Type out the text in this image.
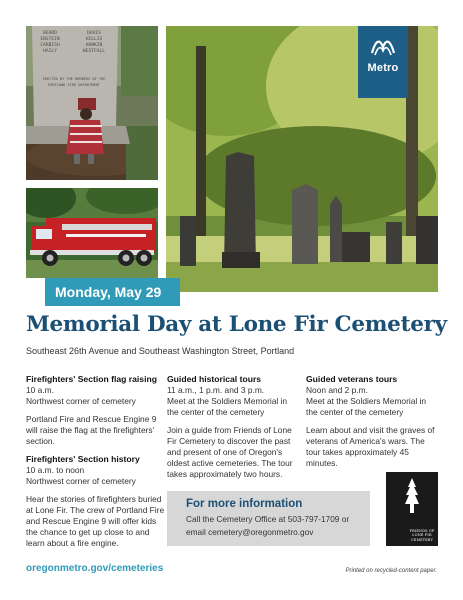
BEARD
ENSTEIN
CARBISH
HAILY
DAVIS
HILLIS
HANKIN
WESTFALL
ERECTED BY THE MEMBERS OF THE
PORTLAND FIRE DEPARTMENT
Metro
Monday, May 29
Memorial Day at Lone Fir Cemetery
Southeast 26th Avenue and Southeast Washington Street, Portland
Firefighters' Section flag raising

10 a.m.

Northwest corner of cemetery

Portland Fire and Rescue Engine 9 will raise the flag at the firefighters' section.

Firefighters' Section history

10 a.m. to noon

Northwest corner of cemetery

Hear the stories of firefighters buried at Lone Fir. The crew of Portland Fire and Rescue Engine 9 will offer kids the chance to get up close to and learn about a fire engine.

Guided historical tours

11 a.m., 1 p.m. and 3 p.m.

Meet at the Soldiers Memorial in the center of the cemetery

Join a guide from Friends of Lone Fir Cemetery to discover the past and present of one of Oregon's oldest active cemeteries. The tour takes approximately two hours.

Guided veterans tours

Noon and 2 p.m.

Meet at the Soldiers Memorial in the center of the cemetery

Learn about and visit the graves of veterans of America's wars. The tour takes approximately 45 minutes.

For more information

Call the Cemetery Office at 503-797-1709 or

email cemetery@oregonmetro.gov	FRIENDS OF LONE FIR CEMETERY
oregonmetro.gov/cemeteries	Printed on recycled-content paper.
